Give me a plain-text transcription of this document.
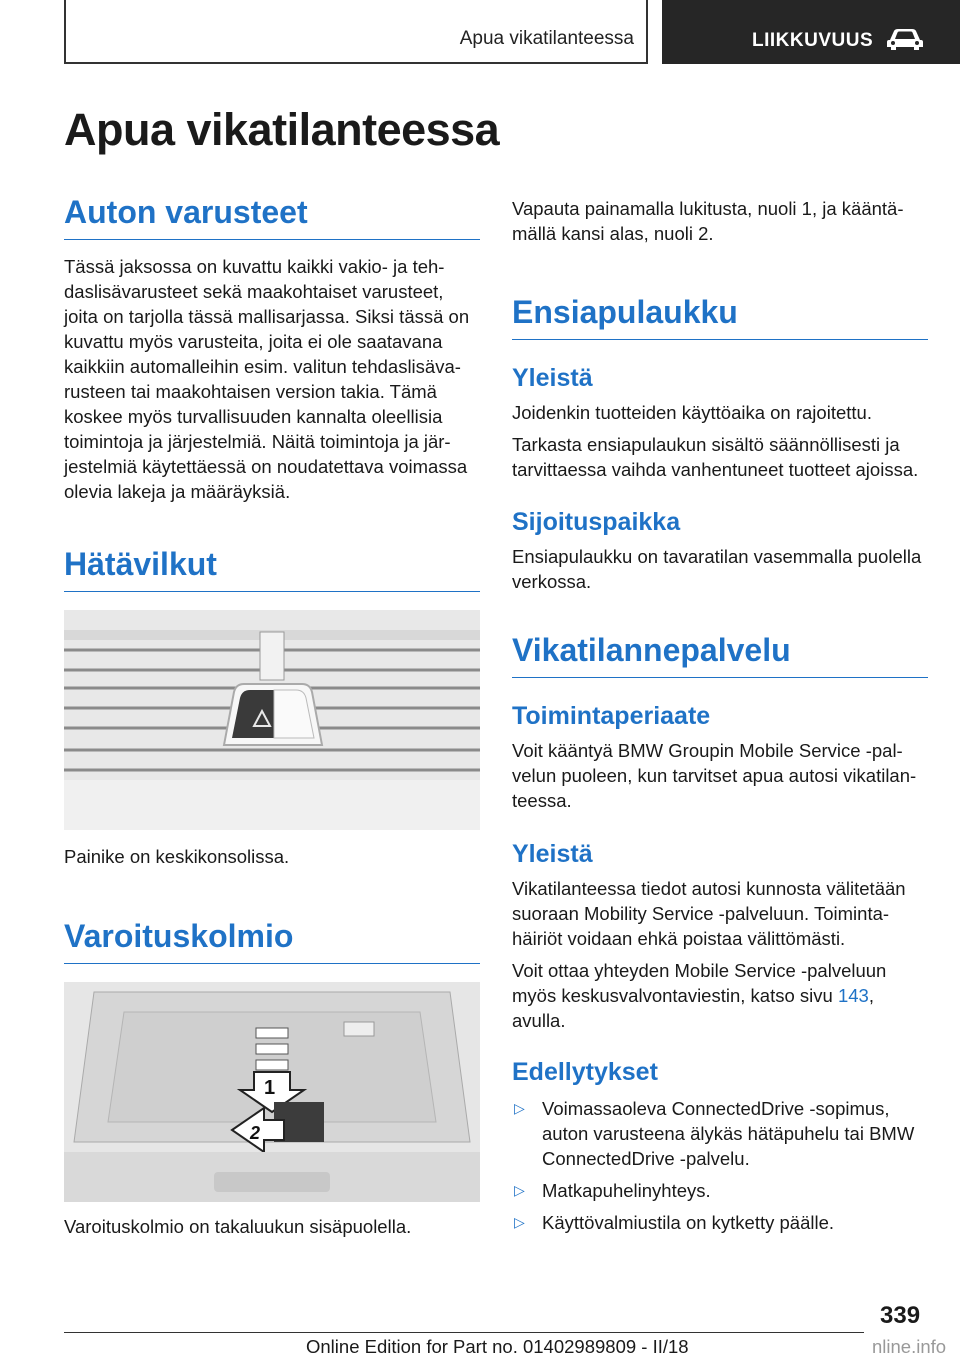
Apua vikatilanteessa	LIIKKUVUUS
Apua vikatilanteessa
Auton varusteet

Tässä jaksossa on kuvattu kaikki vakio- ja teh-daslisävarusteet sekä maakohtaiset varusteet, joita on tarjolla tässä mallisarjassa. Siksi tässä on kuvattu myös varusteita, joita ei ole saatavana kaikkiin automalleihin esim. valitun tehdaslisäva-rusteen tai maakohtaisen version takia. Tämä koskee myös turvallisuuden kannalta oleellisia toimintoja ja järjestelmiä. Näitä toimintoja ja jär-jestelmiä käytettäessä on noudatettava voimassa olevia lakeja ja määräyksiä.

Hätävilkut

Painike on keskikonsolissa.

Varoituskolmio
1
2

Varoituskolmio on takaluukun sisäpuolella.

Vapauta painamalla lukitusta, nuoli 1, ja kääntä-mällä kansi alas, nuoli 2.

Ensiapulaukku
Yleistä

Joidenkin tuotteiden käyttöaika on rajoitettu.

Tarkasta ensiapulaukun sisältö säännöllisesti ja tarvittaessa vaihda vanhentuneet tuotteet ajoissa.

Sijoituspaikka

Ensiapulaukku on tavaratilan vasemmalla puolella verkossa.

Vikatilannepalvelu
Toimintaperiaate

Voit kääntyä BMW Groupin Mobile Service -pal-velun puoleen, kun tarvitset apua autosi vikatilan-teessa.

Yleistä

Vikatilanteessa tiedot autosi kunnosta välitetään suoraan Mobility Service -palveluun. Toiminta-häiriöt voidaan ehkä poistaa välittömästi.

Voit ottaa yhteyden Mobile Service -palveluun myös keskusvalvontaviestin, katso sivu 143, avulla.

Edellytykset
▷ Voimassaoleva ConnectedDrive -sopimus, auton varusteena älykäs hätäpuhelu tai BMW ConnectedDrive -palvelu.
▷ Matkapuhelinyhteys.
▷ Käyttövalmiustila on kytketty päälle.
339
Online Edition for Part no. 01402989809 - II/18	nline.info
